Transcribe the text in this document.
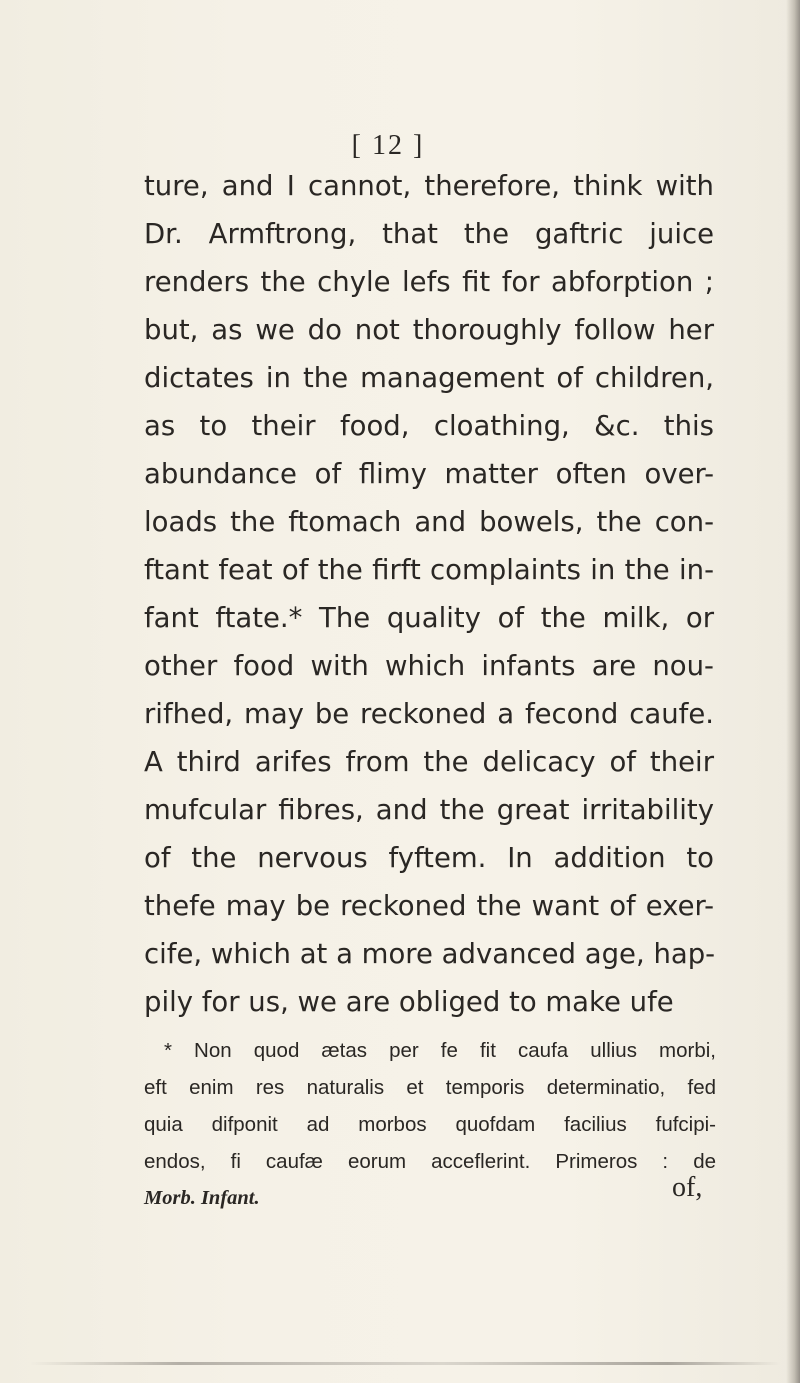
[ 12 ]
ture, and I cannot, therefore, think with
Dr. Armftrong, that the gaftric juice
renders the chyle lefs fit for abforption ;
but, as we do not thoroughly follow her
dictates in the management of children,
as to their food, cloathing, &c. this
abundance of flimy matter often over-
loads the ftomach and bowels, the con-
ftant feat of the firft complaints in the in-
fant ftate.* The quality of the milk, or
other food with which infants are nou-
rifhed, may be reckoned a fecond caufe.
A third arifes from the delicacy of their
mufcular fibres, and the great irritability
of the nervous fyftem. In addition to
thefe may be reckoned the want of exer-
cife, which at a more advanced age, hap-
pily for us, we are obliged to make ufe
* Non quod ætas per fe fit caufa ullius morbi,
eft enim res naturalis et temporis determinatio, fed
quia difponit ad morbos quofdam facilius fufcipi-
endos, fi caufæ eorum acceflerint. Primeros : de
Morb. Infant.	of,
